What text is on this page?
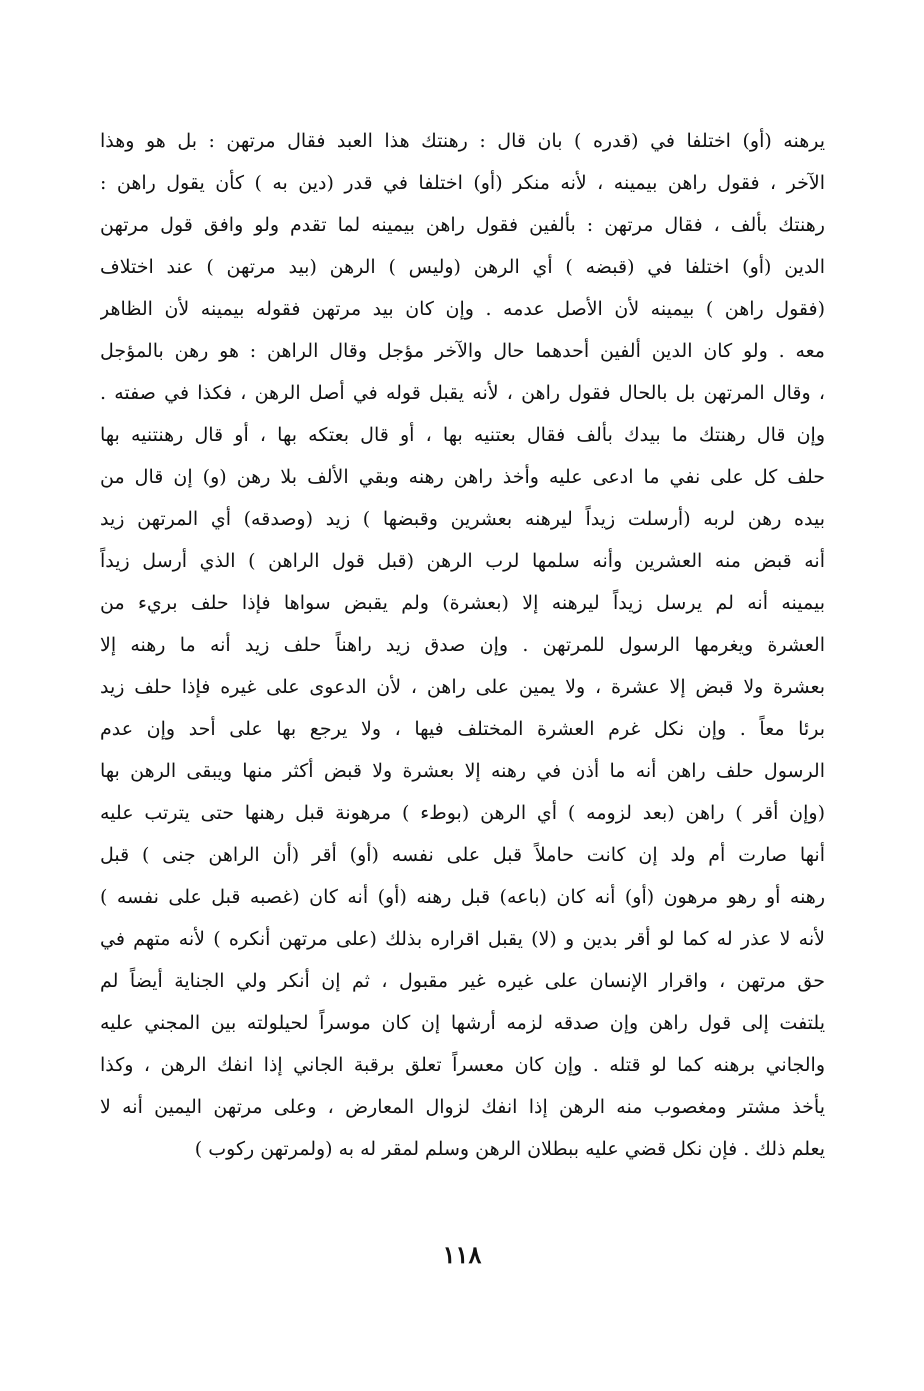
يرهنه (أو) اختلفا في (قدره ) بان قال : رهنتك هذا العبد فقال مرتهن : بل هو وهذا
الآخر ، فقول راهن بيمينه ، لأنه منكر (أو) اختلفا في قدر (دين به ) كأن يقول راهن :
رهنتك بألف ، فقال مرتهن : بألفين فقول راهن بيمينه لما تقدم ولو وافق قول مرتهن
الدين (أو) اختلفا في (قبضه ) أي الرهن (وليس ) الرهن (بيد مرتهن ) عند اختلاف
(فقول راهن ) بيمينه لأن الأصل عدمه . وإن كان بيد مرتهن فقوله بيمينه لأن الظاهر
معه . ولو كان الدين ألفين أحدهما حال والآخر مؤجل وقال الراهن : هو رهن بالمؤجل
، وقال المرتهن بل بالحال فقول راهن ، لأنه يقبل قوله في أصل الرهن ، فكذا في صفته .
وإن قال رهنتك ما بيدك بألف فقال بعتنيه بها ، أو قال بعتكه بها ، أو قال رهنتنيه بها
حلف كل على نفي ما ادعى عليه وأخذ راهن رهنه وبقي الألف بلا رهن (و) إن قال من
بيده رهن لربه (أرسلت زيداً ليرهنه بعشرين وقبضها ) زيد (وصدقه) أي المرتهن زيد
أنه قبض منه العشرين وأنه سلمها لرب الرهن (قبل قول الراهن ) الذي أرسل زيداً
بيمينه أنه لم يرسل زيداً ليرهنه إلا (بعشرة) ولم يقبض سواها فإذا حلف بريء من
العشرة ويغرمها الرسول للمرتهن . وإن صدق زيد راهناً حلف زيد أنه ما رهنه إلا
بعشرة ولا قبض إلا عشرة ، ولا يمين على راهن ، لأن الدعوى على غيره فإذا حلف زيد
برئا معاً . وإن نكل غرم العشرة المختلف فيها ، ولا يرجع بها على أحد وإن عدم
الرسول حلف راهن أنه ما أذن في رهنه إلا بعشرة ولا قبض أكثر منها ويبقى الرهن بها
(وإن أقر ) راهن (بعد لزومه ) أي الرهن (بوطء ) مرهونة قبل رهنها حتى يترتب عليه
أنها صارت أم ولد إن كانت حاملاً قبل على نفسه (أو) أقر (أن الراهن جنى ) قبل
رهنه أو رهو مرهون (أو) أنه كان (باعه) قبل رهنه (أو) أنه كان (غصبه قبل على نفسه )
لأنه لا عذر له كما لو أقر بدين و (لا) يقبل اقراره بذلك (على مرتهن أنكره ) لأنه متهم في
حق مرتهن ، واقرار الإنسان على غيره غير مقبول ، ثم إن أنكر ولي الجناية أيضاً لم
يلتفت إلى قول راهن وإن صدقه لزمه أرشها إن كان موسراً لحيلولته بين المجني عليه
والجاني برهنه كما لو قتله . وإن كان معسراً تعلق برقبة الجاني إذا انفك الرهن ، وكذا
يأخذ مشتر ومغصوب منه الرهن إذا انفك لزوال المعارض ، وعلى مرتهن اليمين أنه لا
يعلم ذلك . فإن نكل قضي عليه ببطلان الرهن وسلم لمقر له به (ولمرتهن ركوب )
١١٨
